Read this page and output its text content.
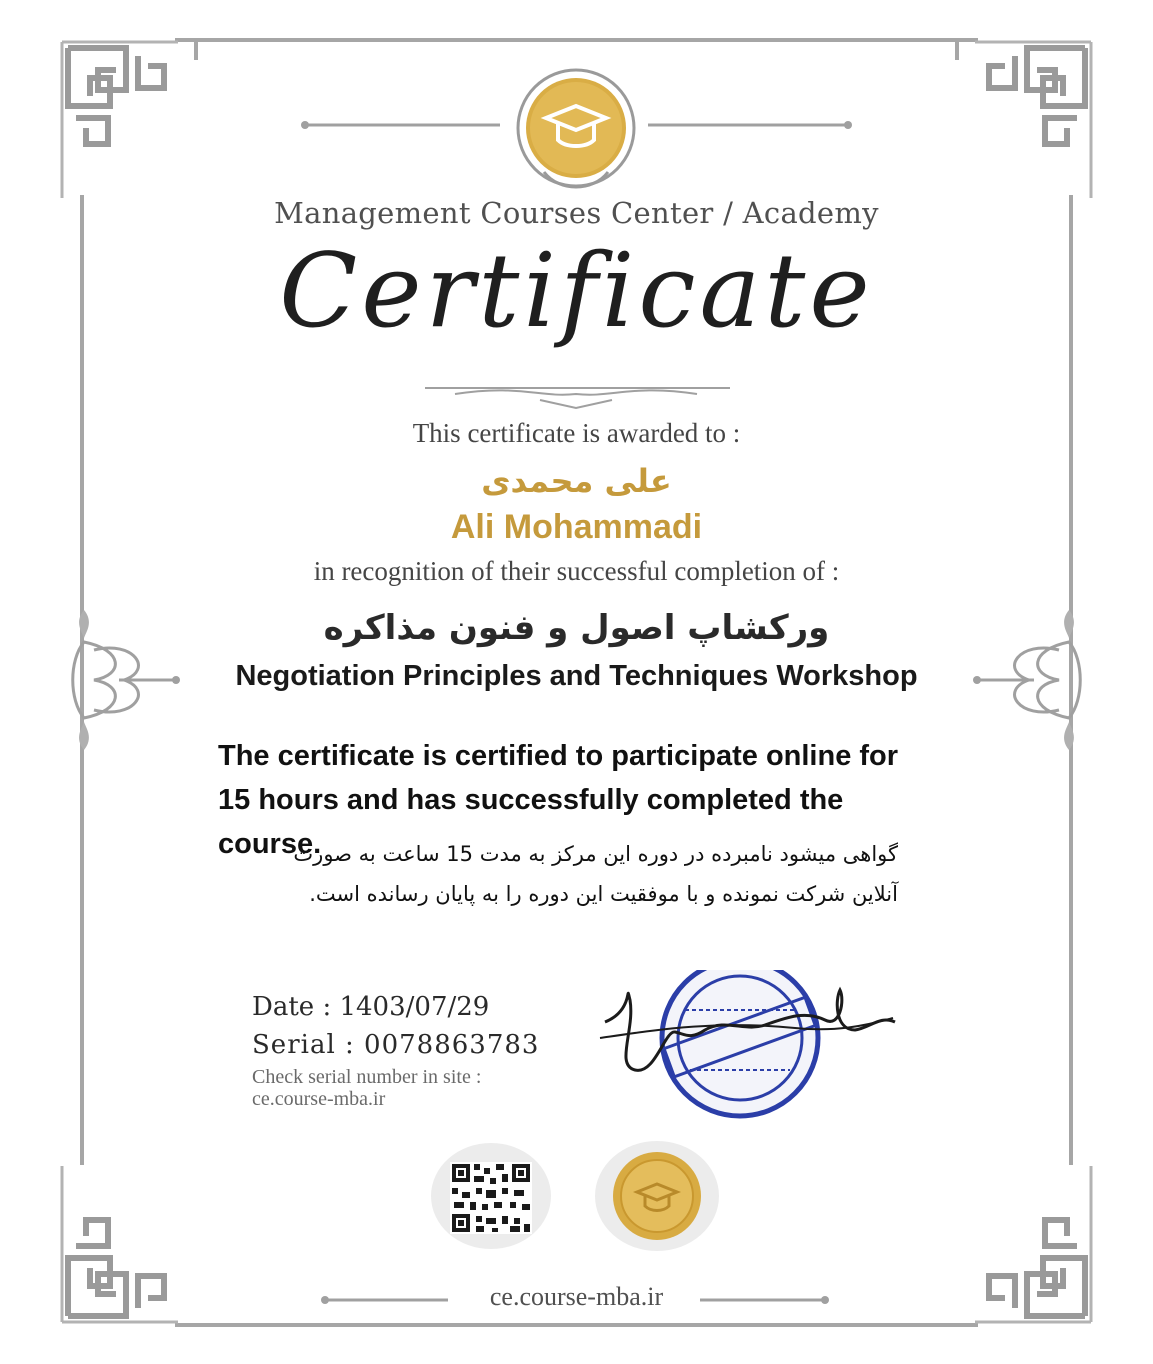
Management Courses Center / Academy
Certificate
This certificate is awarded to :
علی محمدی
Ali Mohammadi
in recognition of their successful completion of :
ورکشاپ اصول و فنون مذاکره
Negotiation Principles and Techniques Workshop
The certificate is certified to participate online for 15 hours and has successfully completed the course.
گواهی میشود نامبرده در دوره این مرکز به مدت 15 ساعت به صورت آنلاین شرکت نمونده و با موفقیت این دوره را به پایان رسانده است.
Date : 1403/07/29
Serial : 0078863783
Check serial number in site : ce.course-mba.ir
ce.course-mba.ir
